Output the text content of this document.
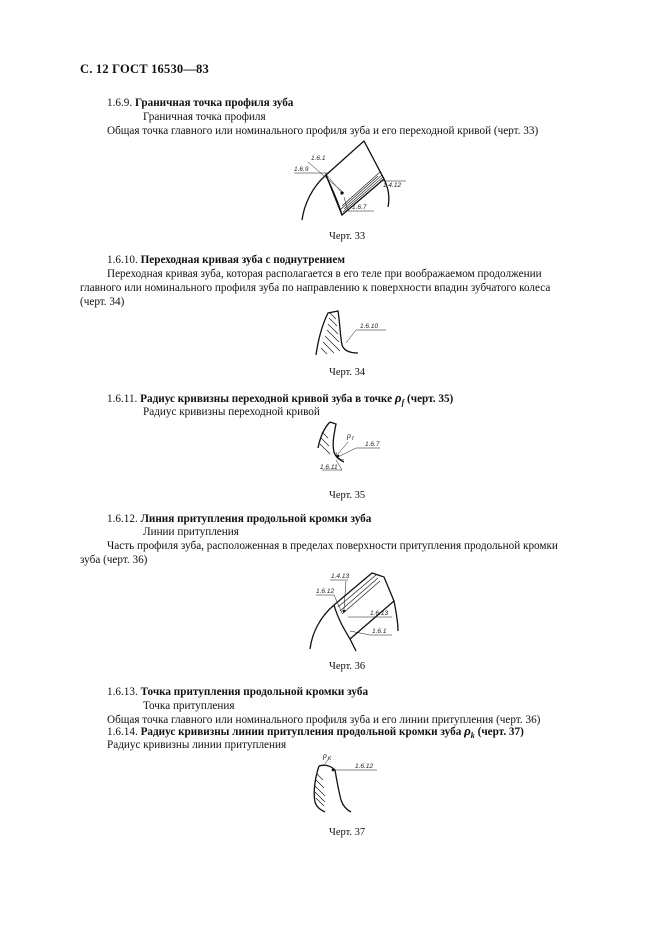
С. 12 ГОСТ 16530—83
1.6.9. Граничная точка профиля зуба
Граничная точка профиля
Общая точка главного или номинального профиля зуба и его переходной кривой (черт. 33)
1.6.1
1.6.9
1.4.12
1.6.7
Черт. 33
1.6.10. Переходная кривая зуба с поднутрением
Переходная кривая зуба, которая располагается в его теле при воображаемом продолжении
главного или номинального профиля зуба по направлению к поверхности впадин зубчатого колеса
(черт. 34)
1.6.10
Черт. 34
1.6.11. Радиус кривизны переходной кривой зуба в точке $\rho_f$ (черт. 35)
Радиус кривизны переходной кривой
ρ f
1.6.7
1.6.11
Черт. 35
1.6.12. Линия притупления продольной кромки зуба
Линии притупления
Часть профиля зуба, расположенная в пределах поверхности притупления продольной кромки
зуба (черт. 36)
1.4.13
1.6.12
1.6.13
1.6.1
Черт. 36
1.6.13. Точка притупления продольной кромки зуба
Точка притупления
Общая точка главного или номинального профиля зуба и его линии притупления (черт. 36)
1.6.14. Радиус кривизны линии притупления продольной кромки зуба $\rho_k$ (черт. 37)
Радиус кривизны линии притупления
ρ K
1.6.12
Черт. 37
